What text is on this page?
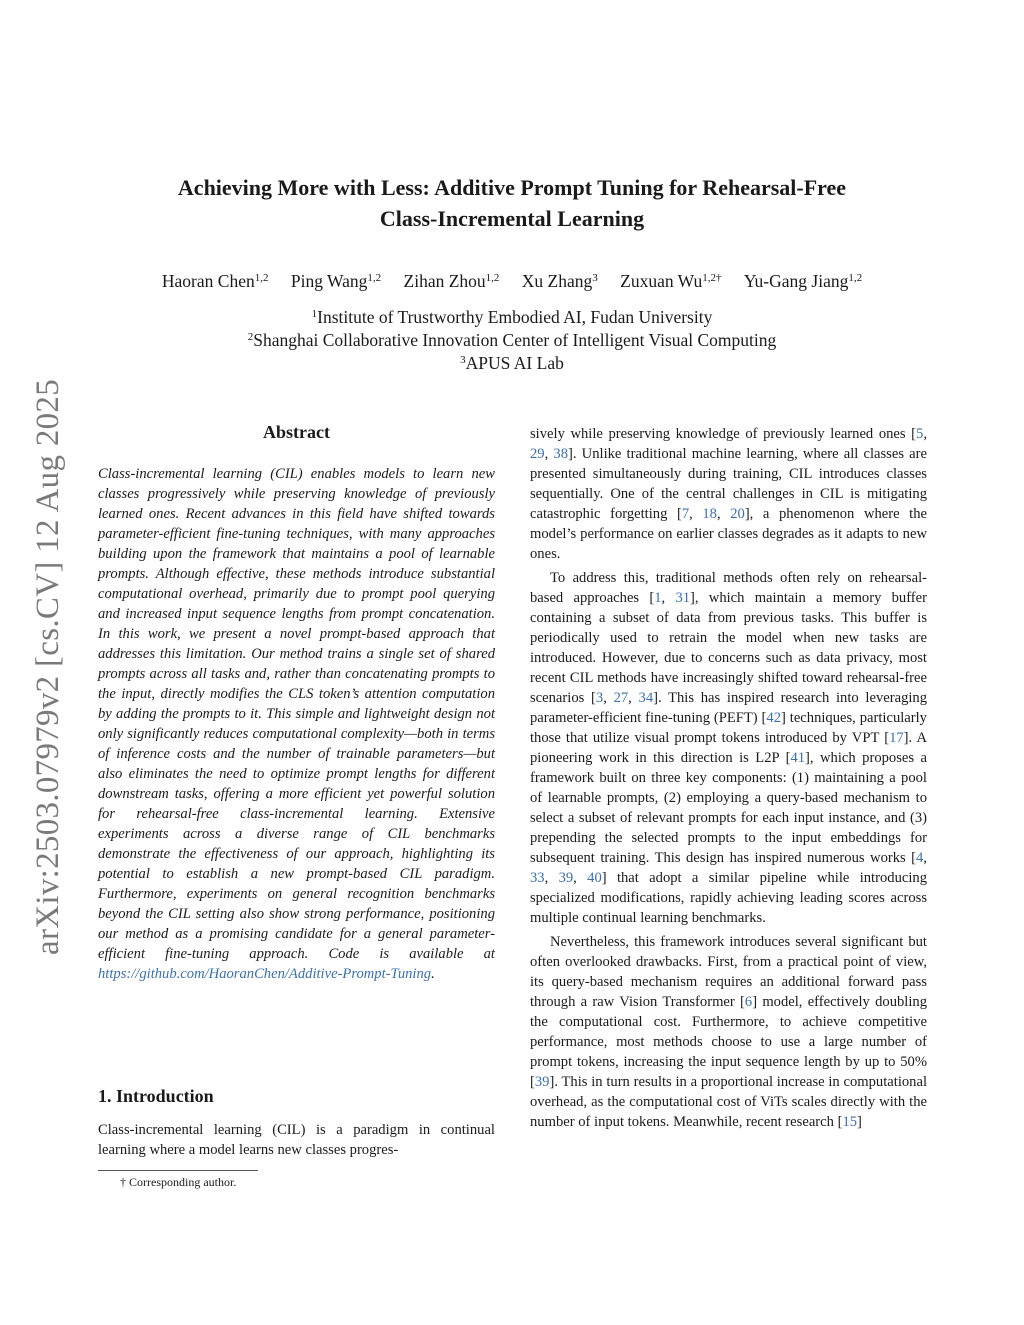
Achieving More with Less: Additive Prompt Tuning for Rehearsal-Free
Class-Incremental Learning
Haoran Chen$^{1,2}$ Ping Wang$^{1,2}$ Zihan Zhou$^{1,2}$ Xu Zhang$^3$ Zuxuan $Wu^{1,2\dagger}$ Yu-Gang Jiang$^{1,2}$
$^1$Institute of Trustworthy Embodied AI, Fudan University
$^2$Shanghai Collaborative Innovation Center of Intelligent Visual Computing
$^3$APUS AI Lab
arXiv:2503.07979v2 [cs.CV] 12 Aug 2025	Abstract
Class-incremental learning (CIL) enables models to learn new classes progressively while preserving knowledge of previously learned ones. Recent advances in this field have shifted towards parameter-efficient fine-tuning techniques, with many approaches building upon the framework that maintains a pool of learnable prompts. Although effective, these methods introduce substantial computational overhead, primarily due to prompt pool querying and increased input sequence lengths from prompt concatenation. In this work, we present a novel prompt-based approach that addresses this limitation. Our method trains a single set of shared prompts across all tasks and, rather than concatenating prompts to the input, directly modifies the CLS token’s attention computation by adding the prompts to it. This simple and lightweight design not only significantly reduces computational complexity—both in terms of inference costs and the number of trainable parameters—but also eliminates the need to optimize prompt lengths for different downstream tasks, offering a more efficient yet powerful solution for rehearsal-free class-incremental learning. Extensive experiments across a diverse range of CIL benchmarks demonstrate the effectiveness of our approach, highlighting its potential to establish a new prompt-based CIL paradigm. Furthermore, experiments on general recognition benchmarks beyond the CIL setting also show strong performance, positioning our method as a promising candidate for a general parameter-efficient fine-tuning approach. Code is available at https://github.com/HaoranChen/Additive-Prompt-Tuning.
1. Introduction
Class-incremental learning (CIL) is a paradigm in continual learning where a model learns new classes progres-
† Corresponding author.

sively while preserving knowledge of previously learned ones [5, 29, 38]. Unlike traditional machine learning, where all classes are presented simultaneously during training, CIL introduces classes sequentially. One of the central challenges in CIL is mitigating catastrophic forgetting [7, 18, 20], a phenomenon where the model’s performance on earlier classes degrades as it adapts to new ones.

To address this, traditional methods often rely on rehearsal-based approaches [1, 31], which maintain a memory buffer containing a subset of data from previous tasks. This buffer is periodically used to retrain the model when new tasks are introduced. However, due to concerns such as data privacy, most recent CIL methods have increasingly shifted toward rehearsal-free scenarios [3, 27, 34]. This has inspired research into leveraging parameter-efficient fine-tuning (PEFT) [42] techniques, particularly those that utilize visual prompt tokens introduced by VPT [17]. A pioneering work in this direction is L2P [41], which proposes a framework built on three key components: (1) maintaining a pool of learnable prompts, (2) employing a query-based mechanism to select a subset of relevant prompts for each input instance, and (3) prepending the selected prompts to the input embeddings for subsequent training. This design has inspired numerous works [4, 33, 39, 40] that adopt a similar pipeline while introducing specialized modifications, rapidly achieving leading scores across multiple continual learning benchmarks.

Nevertheless, this framework introduces several significant but often overlooked drawbacks. First, from a practical point of view, its query-based mechanism requires an additional forward pass through a raw Vision Transformer [6] model, effectively doubling the computational cost. Furthermore, to achieve competitive performance, most methods choose to use a large number of prompt tokens, increasing the input sequence length by up to 50% [39]. This in turn results in a proportional increase in computational overhead, as the computational cost of ViTs scales directly with the number of input tokens. Meanwhile, recent research [15]
